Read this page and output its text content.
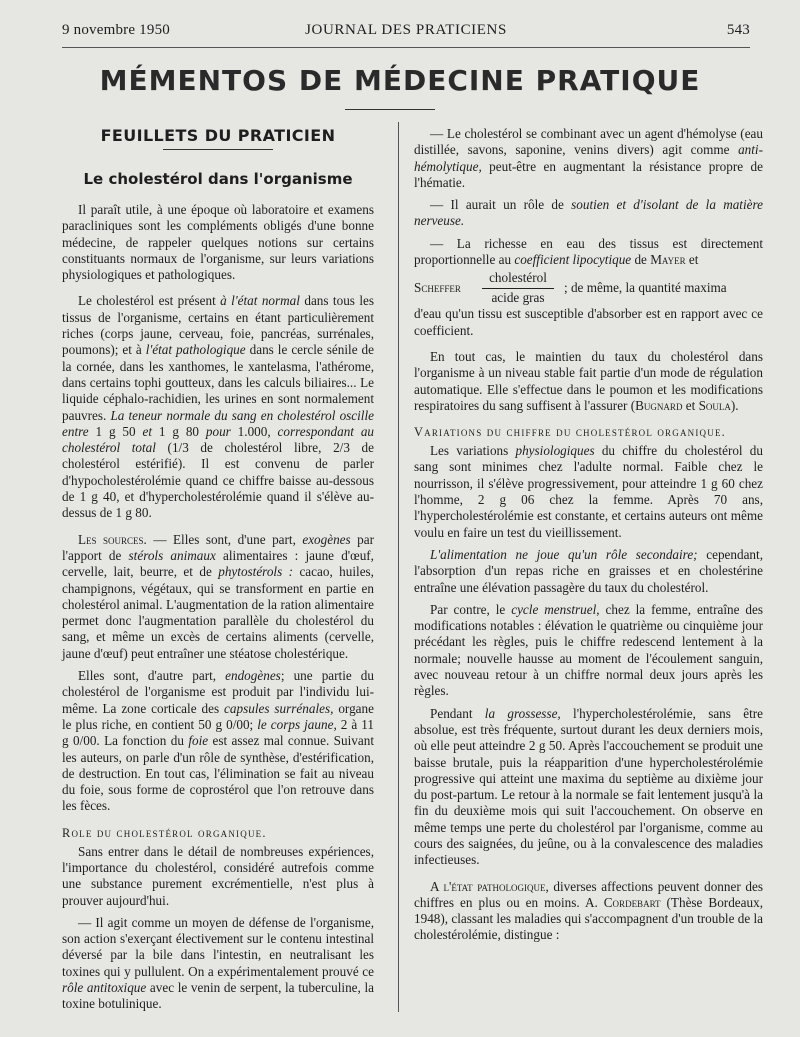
JOURNAL DES PRATICIENS
9 novembre 1950	543
MÉMENTOS DE MÉDECINE PRATIQUE
FEUILLETS DU PRATICIEN
Le cholestérol dans l'organisme

Il paraît utile, à une époque où laboratoire et examens paracliniques sont les compléments obligés d'une bonne médecine, de rappeler quelques notions sur certains constituants normaux de l'organisme, sur leurs variations physiologiques et pathologiques.

Le cholestérol est présent à l'état normal dans tous les tissus de l'organisme, certains en étant particulièrement riches (corps jaune, cerveau, foie, pancréas, surrénales, poumons); et à l'état pathologique dans le cercle sénile de la cornée, dans les xanthomes, le xantelasma, l'athérome, dans certains tophi goutteux, dans les calculs biliaires... Le liquide céphalo-rachidien, les urines en sont normalement pauvres. La teneur normale du sang en cholestérol oscille entre 1 g 50 et 1 g 80 pour 1.000, correspondant au cholestérol total (1/3 de cholestérol libre, 2/3 de cholestérol estérifié). Il est convenu de parler d'hypocholestérolémie quand ce chiffre baisse au-dessous de 1 g 40, et d'hypercholestérolémie quand il s'élève au-dessus de 1 g 80.

Les sources. — Elles sont, d'une part, exogènes par l'apport de stérols animaux alimentaires : jaune d'œuf, cervelle, lait, beurre, et de phytostérols : cacao, huiles, champignons, végétaux, qui se transforment en partie en cholestérol animal. L'augmentation de la ration alimentaire permet donc l'augmentation parallèle du cholestérol du sang, et même un excès de certains aliments (cervelle, jaune d'œuf) peut entraîner une stéatose cholestérique.

Elles sont, d'autre part, endogènes; une partie du cholestérol de l'organisme est produit par l'individu lui-même. La zone corticale des capsules surrénales, organe le plus riche, en contient 50 g 0/00; le corps jaune, 2 à 11 g 0/00. La fonction du foie est assez mal connue. Suivant les auteurs, on parle d'un rôle de synthèse, d'estérification, de destruction. En tout cas, l'élimination se fait au niveau du foie, sous forme de coprostérol que l'on retrouve dans les fèces.

Role du cholestérol organique.

Sans entrer dans le détail de nombreuses expériences, l'importance du cholestérol, considéré autrefois comme une substance purement excrémentielle, n'est plus à prouver aujourd'hui.

— Il agit comme un moyen de défense de l'organisme, son action s'exerçant électivement sur le contenu intestinal déversé par la bile dans l'intestin, en neutralisant les toxines qui y pullulent. On a expérimentalement prouvé ce rôle antitoxique avec le venin de serpent, la tuberculine, la toxine botulinique.

— Le cholestérol se combinant avec un agent d'hémolyse (eau distillée, savons, saponine, venins divers) agit comme anti-hémolytique, peut-être en augmentant la résistance propre de l'hématie.

— Il aurait un rôle de soutien et d'isolant de la matière nerveuse.

— La richesse en eau des tissus est directement proportionnelle au coefficient lipocytique de Mayer et

Scheffer
cholestérol
acide gras
; de même, la quantité maxima

d'eau qu'un tissu est susceptible d'absorber est en rapport avec ce coefficient.

En tout cas, le maintien du taux du cholestérol dans l'organisme à un niveau stable fait partie d'un mode de régulation automatique. Elle s'effectue dans le poumon et les modifications respiratoires du sang suffisent à l'assurer (Bugnard et Soula).

Variations du chiffre du cholestérol organique.

Les variations physiologiques du chiffre du cholestérol du sang sont minimes chez l'adulte normal. Faible chez le nourrisson, il s'élève progressivement, pour atteindre 1 g 60 chez l'homme, 2 g 06 chez la femme. Après 70 ans, l'hypercholestérolémie est constante, et certains auteurs ont même voulu en faire un test du vieillissement.

L'alimentation ne joue qu'un rôle secondaire; cependant, l'absorption d'un repas riche en graisses et en cholestérine entraîne une élévation passagère du taux du cholestérol.

Par contre, le cycle menstruel, chez la femme, entraîne des modifications notables : élévation le quatrième ou cinquième jour précédant les règles, puis le chiffre redescend lentement à la normale; nouvelle hausse au moment de l'écoulement sanguin, avec nouveau retour à un chiffre normal deux jours après les règles.

Pendant la grossesse, l'hypercholestérolémie, sans être absolue, est très fréquente, surtout durant les deux derniers mois, où elle peut atteindre 2 g 50. Après l'accouchement se produit une baisse brutale, puis la réapparition d'une hypercholestérolémie progressive qui atteint une maxima du septième au dixième jour du post-partum. Le retour à la normale se fait lentement jusqu'à la fin du deuxième mois qui suit l'accouchement. On observe en même temps une perte du cholestérol par l'organisme, comme au cours des saignées, du jeûne, ou à la convalescence des maladies infectieuses.

A l'état pathologique, diverses affections peuvent donner des chiffres en plus ou en moins. A. Cordebart (Thèse Bordeaux, 1948), classant les maladies qui s'accompagnent d'un trouble de la cholestérolémie, distingue :
